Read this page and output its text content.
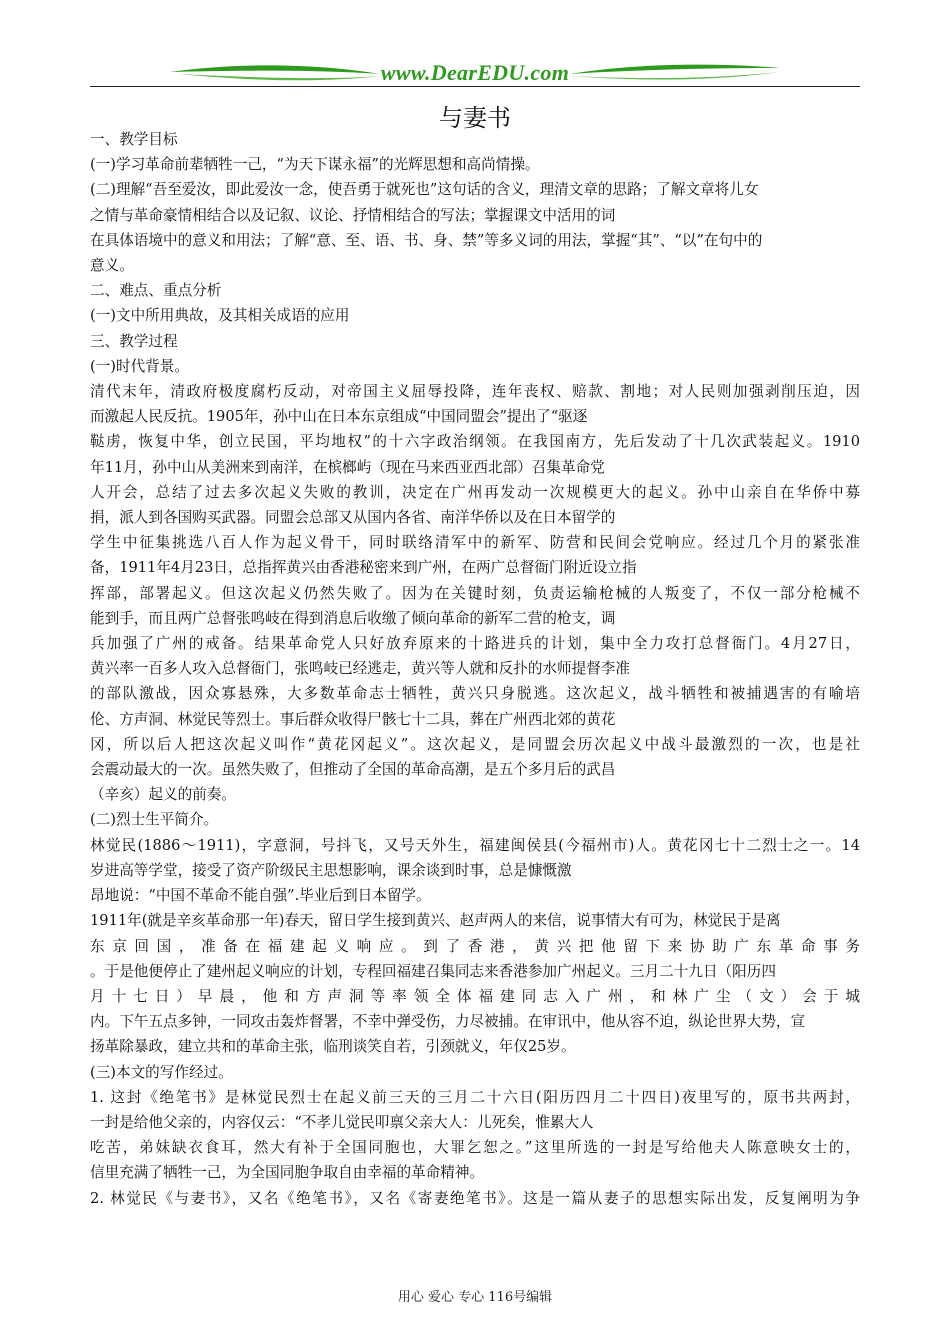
www.DearEDU.com
与妻书

一、教学目标

(一)学习革命前辈牺牲一己，“为天下谋永福”的光辉思想和高尚情操。

(二)理解“吾至爱汝，即此爱汝一念，使吾勇于就死也”这句话的含义，理清文章的思路；了解文章将儿女

之情与革命豪情相结合以及记叙、议论、抒情相结合的写法；掌握课文中活用的词

在具体语境中的意义和用法；了解“意、至、语、书、身、禁”等多义词的用法，掌握“其”、“以”在句中的

意义。

二、难点、重点分析

(一)文中所用典故，及其相关成语的应用

三、教学过程

(一)时代背景。

清代末年，清政府极度腐朽反动，对帝国主义屈辱投降，连年丧权、赔款、割地；对人民则加强剥削压迫，因

而激起人民反抗。1905年，孙中山在日本东京组成“中国同盟会”提出了“驱逐

鞑虏，恢复中华，创立民国，平均地权”的十六字政治纲领。在我国南方，先后发动了十几次武装起义。1910

年11月，孙中山从美洲来到南洋，在槟榔屿（现在马来西亚西北部）召集革命党

人开会，总结了过去多次起义失败的教训，决定在广州再发动一次规模更大的起义。孙中山亲自在华侨中募

捐，派人到各国购买武器。同盟会总部又从国内各省、南洋华侨以及在日本留学的

学生中征集挑选八百人作为起义骨干，同时联络清军中的新军、防营和民间会党响应。经过几个月的紧张准

备，1911年4月23日，总指挥黄兴由香港秘密来到广州，在两广总督衙门附近设立指

挥部，部署起义。但这次起义仍然失败了。因为在关键时刻，负责运输枪械的人叛变了，不仅一部分枪械不

能到手，而且两广总督张鸣岐在得到消息后收缴了倾向革命的新军二营的枪支，调

兵加强了广州的戒备。结果革命党人只好放弃原来的十路进兵的计划，集中全力攻打总督衙门。4月27日，

黄兴率一百多人攻入总督衙门，张鸣岐已经逃走，黄兴等人就和反扑的水师提督李准

的部队激战，因众寡悬殊，大多数革命志士牺牲，黄兴只身脱逃。这次起义，战斗牺牲和被捕遇害的有喻培

伦、方声洞、林觉民等烈士。事后群众收得尸骸七十二具，葬在广州西北郊的黄花

冈，所以后人把这次起义叫作“黄花冈起义”。这次起义，是同盟会历次起义中战斗最激烈的一次，也是社

会震动最大的一次。虽然失败了，但推动了全国的革命高潮，是五个多月后的武昌

（辛亥）起义的前奏。

(二)烈士生平简介。

林觉民(1886～1911)，字意洞，号抖飞，又号天外生，福建闽侯县(今福州市)人。黄花冈七十二烈士之一。14

岁进高等学堂，接受了资产阶级民主思想影响，课余谈到时事，总是慷慨激

昂地说：“中国不革命不能自强”.毕业后到日本留学。

1911年(就是辛亥革命那一年)春天，留日学生接到黄兴、赵声两人的来信，说事情大有可为，林觉民于是离

东京回国，准备在福建起义响应。到了香港，黄兴把他留下来协助广东革命事务

。于是他便停止了建州起义响应的计划，专程回福建召集同志来香港参加广州起义。三月二十九日（阳历四

月十七日）早晨，他和方声洞等率领全体福建同志入广州，和林广尘（文）会于城

内。下午五点多钟，一同攻击轰炸督署，不幸中弹受伤，力尽被捕。在审讯中，他从容不迫，纵论世界大势，宣

扬革除暴政，建立共和的革命主张，临刑谈笑自若，引颈就义，年仅25岁。

(三)本文的写作经过。

1. 这封《绝笔书》是林觉民烈士在起义前三天的三月二十六日(阳历四月二十四日)夜里写的，原书共两封，

一封是给他父亲的，内容仅云：“不孝儿觉民叩禀父亲大人：儿死矣，惟累大人

吃苦，弟妹缺衣食耳，然大有补于全国同胞也，大罪乞恕之。”这里所选的一封是写给他夫人陈意映女士的，

信里充满了牺牲一己，为全国同胞争取自由幸福的革命精神。

2. 林觉民《与妻书》，又名《绝笔书》，又名《寄妻绝笔书》。这是一篇从妻子的思想实际出发，反复阐明为争

用心 爱心 专心 116号编辑
